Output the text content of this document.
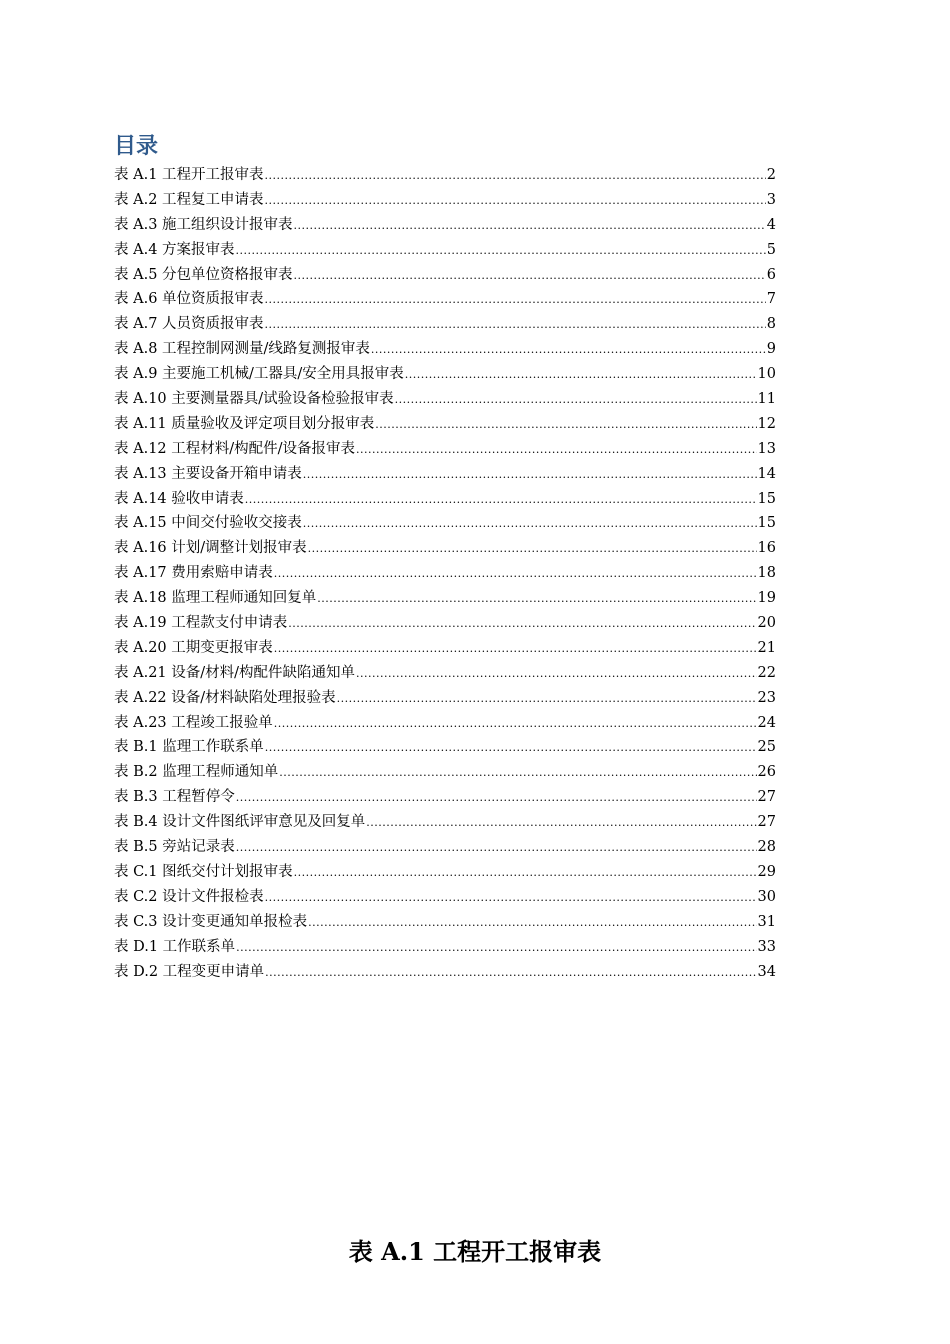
目录
表 A.1 工程开工报审表 .....	2
表 A.2 工程复工申请表 .....	3
表 A.3 施工组织设计报审表 .....	4
表 A.4 方案报审表 .....	5
表 A.5 分包单位资格报审表 .....	6
表 A.6 单位资质报审表 .....	7
表 A.7 人员资质报审表 .....	8
表 A.8 工程控制网测量/线路复测报审表 .....	9
表 A.9 主要施工机械/工器具/安全用具报审表 .....	10
表 A.10 主要测量器具/试验设备检验报审表 .....	11
表 A.11 质量验收及评定项目划分报审表 .....	12
表 A.12 工程材料/构配件/设备报审表 .....	13
表 A.13 主要设备开箱申请表 .....	14
表 A.14 验收申请表 .....	15
表 A.15 中间交付验收交接表 .....	15
表 A.16 计划/调整计划报审表 .....	16
表 A.17 费用索赔申请表 .....	18
表 A.18 监理工程师通知回复单 .....	19
表 A.19 工程款支付申请表 .....	20
表 A.20 工期变更报审表 .....	21
表 A.21 设备/材料/构配件缺陷通知单 .....	22
表 A.22 设备/材料缺陷处理报验表 .....	23
表 A.23 工程竣工报验单 .....	24
表 B.1 监理工作联系单 .....	25
表 B.2 监理工程师通知单 .....	26
表 B.3 工程暂停令 .....	27
表 B.4 设计文件图纸评审意见及回复单 .....	27
表 B.5 旁站记录表 .....	28
表 C.1 图纸交付计划报审表 .....	29
表 C.2 设计文件报检表 .....	30
表 C.3 设计变更通知单报检表 .....	31
表 D.1 工作联系单 .....	33
表 D.2 工程变更申请单 .....	34
表 A.1 工程开工报审表
